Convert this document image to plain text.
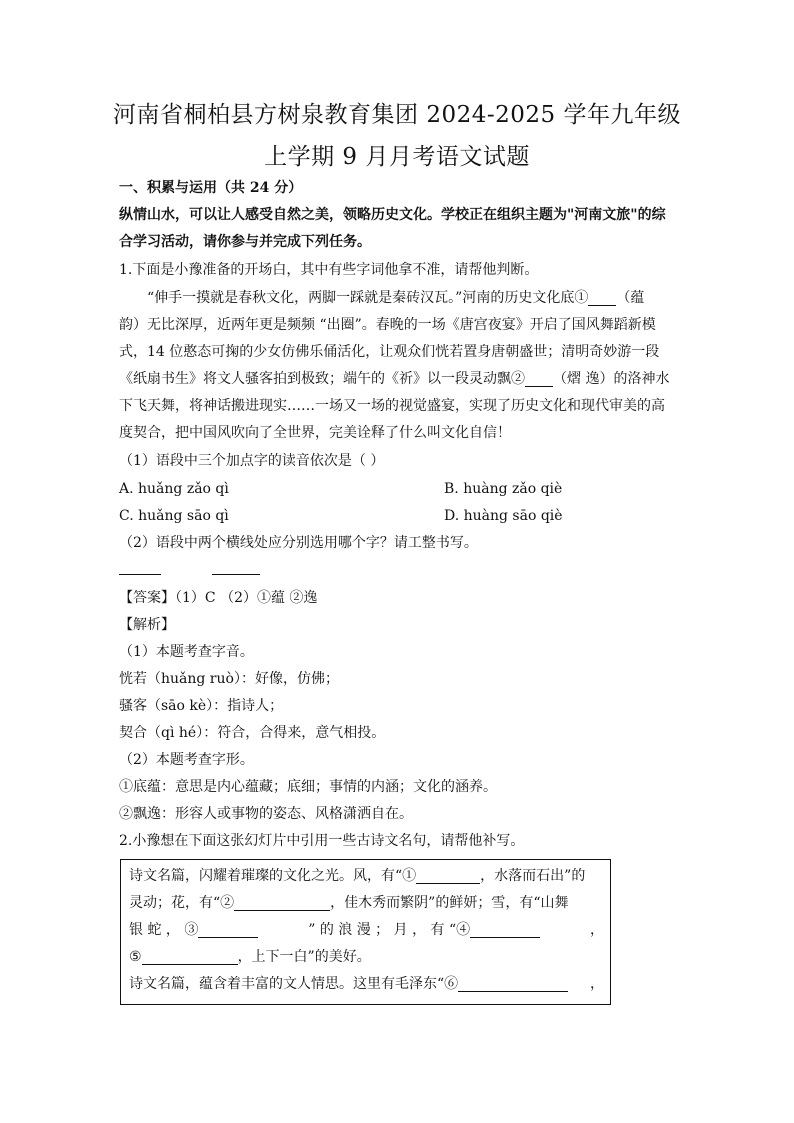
河南省桐柏县方树泉教育集团 2024-2025 学年九年级
上学期 9 月月考语文试题
一、积累与运用（共 24 分）
纵情山水，可以让人感受自然之美，领略历史文化。学校正在组织主题为"河南文旅"的综
合学习活动，请你参与并完成下列任务。
1.下面是小豫准备的开场白，其中有些字词他拿不准，请帮他判断。
“伸手一摸就是春秋文化，两脚一踩就是秦砖汉瓦。”河南的历史文化底① （蕴
韵）无比深厚，近两年更是频频 “出圈”。春晚的一场《唐宫夜宴》开启了国风舞蹈新模
式，14 位憨态可掬的少女仿佛乐俑活化，让观众们恍若置身唐朝盛世；清明奇妙游一段
《纸扇书生》将文人骚客拍到极致；端午的《祈》以一段灵动飘② （熠 逸）的洛神水
下飞天舞，将神话搬进现实……一场又一场的视觉盛宴，实现了历史文化和现代审美的高
度契合，把中国风吹向了全世界，完美诠释了什么叫文化自信！
（1）语段中三个加点字的读音依次是（ ）
A. huǎng zǎo qì	B. huàng zǎo qiè
C. huǎng sāo qì	D. huàng sāo qiè
（2）语段中两个横线处应分别选用哪个字？请工整书写。
【答案】（1）C （2）①蕴 ②逸
【解析】
（1）本题考查字音。
恍若（huǎng ruò）：好像，仿佛；
骚客（sāo kè）：指诗人；
契合（qì hé）：符合，合得来，意气相投。
（2）本题考查字形。
①底蕴：意思是内心蕴藏；底细；事情的内涵；文化的涵养。
②飘逸：形容人或事物的姿态、风格潇洒自在。
2.小豫想在下面这张幻灯片中引用一些古诗文名句，请帮他补写。
诗文名篇，闪耀着璀璨的文化之光。风，有“①	，水落而石出”的
灵动；花，有“②	，佳木秀而繁阴”的鲜妍；雪，有“山舞
银 蛇 ， ③	” 的 浪 漫 ； 月 ， 有 “④	，
⑤	，上下一白”的美好。
诗文名篇，蕴含着丰富的文人情思。这里有毛泽东“⑥	，
